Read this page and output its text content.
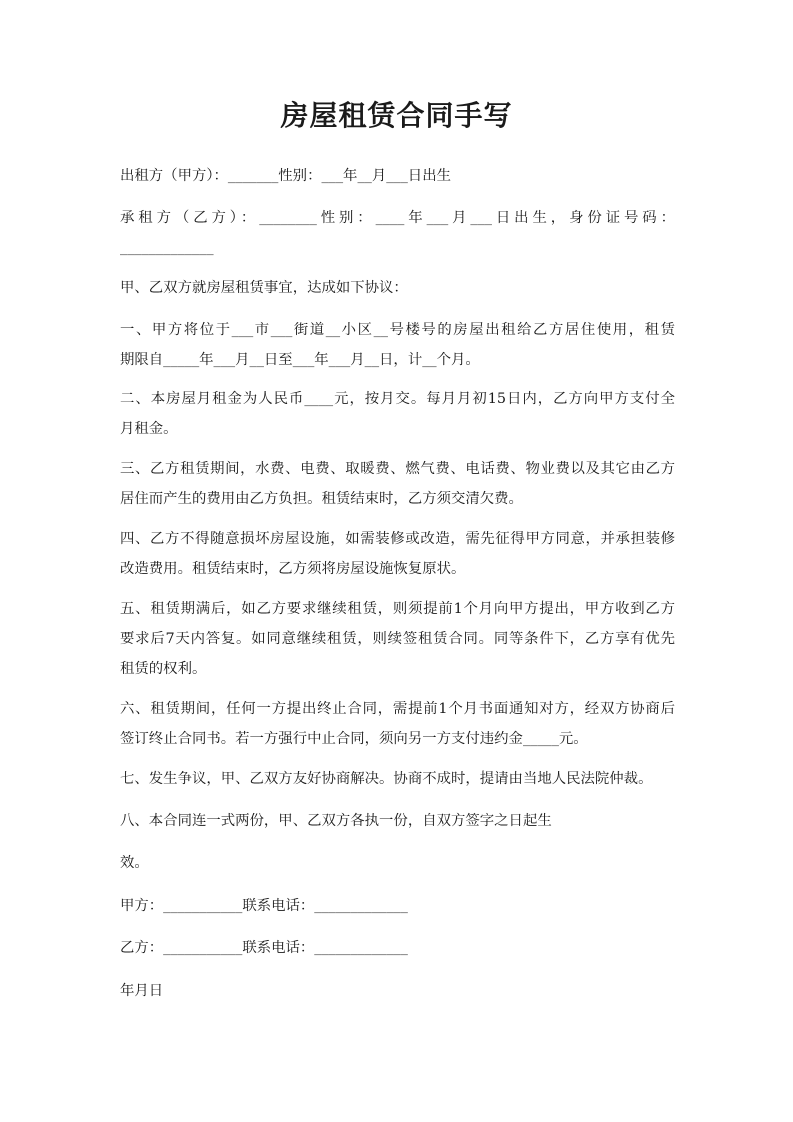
房屋租赁合同手写
出租方（甲方）：_______性别：___年__月___日出生
承租方（乙方）：________性别：____年___月___日出生，身份证号码：
_____________
甲、乙双方就房屋租赁事宜，达成如下协议：
一、甲方将位于___市___街道__小区__号楼号的房屋出租给乙方居住使用，租赁
期限自_____年___月__日至___年___月__日，计__个月。
二、本房屋月租金为人民币____元，按月交。每月月初15日内，乙方向甲方支付全
月租金。
三、乙方租赁期间，水费、电费、取暖费、燃气费、电话费、物业费以及其它由乙方
居住而产生的费用由乙方负担。租赁结束时，乙方须交清欠费。
四、乙方不得随意损坏房屋设施，如需装修或改造，需先征得甲方同意，并承担装修
改造费用。租赁结束时，乙方须将房屋设施恢复原状。
五、租赁期满后，如乙方要求继续租赁，则须提前1个月向甲方提出，甲方收到乙方
要求后7天内答复。如同意继续租赁，则续签租赁合同。同等条件下，乙方享有优先
租赁的权利。
六、租赁期间，任何一方提出终止合同，需提前1个月书面通知对方，经双方协商后
签订终止合同书。若一方强行中止合同，须向另一方支付违约金_____元。
七、发生争议，甲、乙双方友好协商解决。协商不成时，提请由当地人民法院仲裁。
八、本合同连一式两份，甲、乙双方各执一份，自双方签字之日起生
效。
甲方：___________联系电话：_____________
乙方：___________联系电话：_____________
年月日
